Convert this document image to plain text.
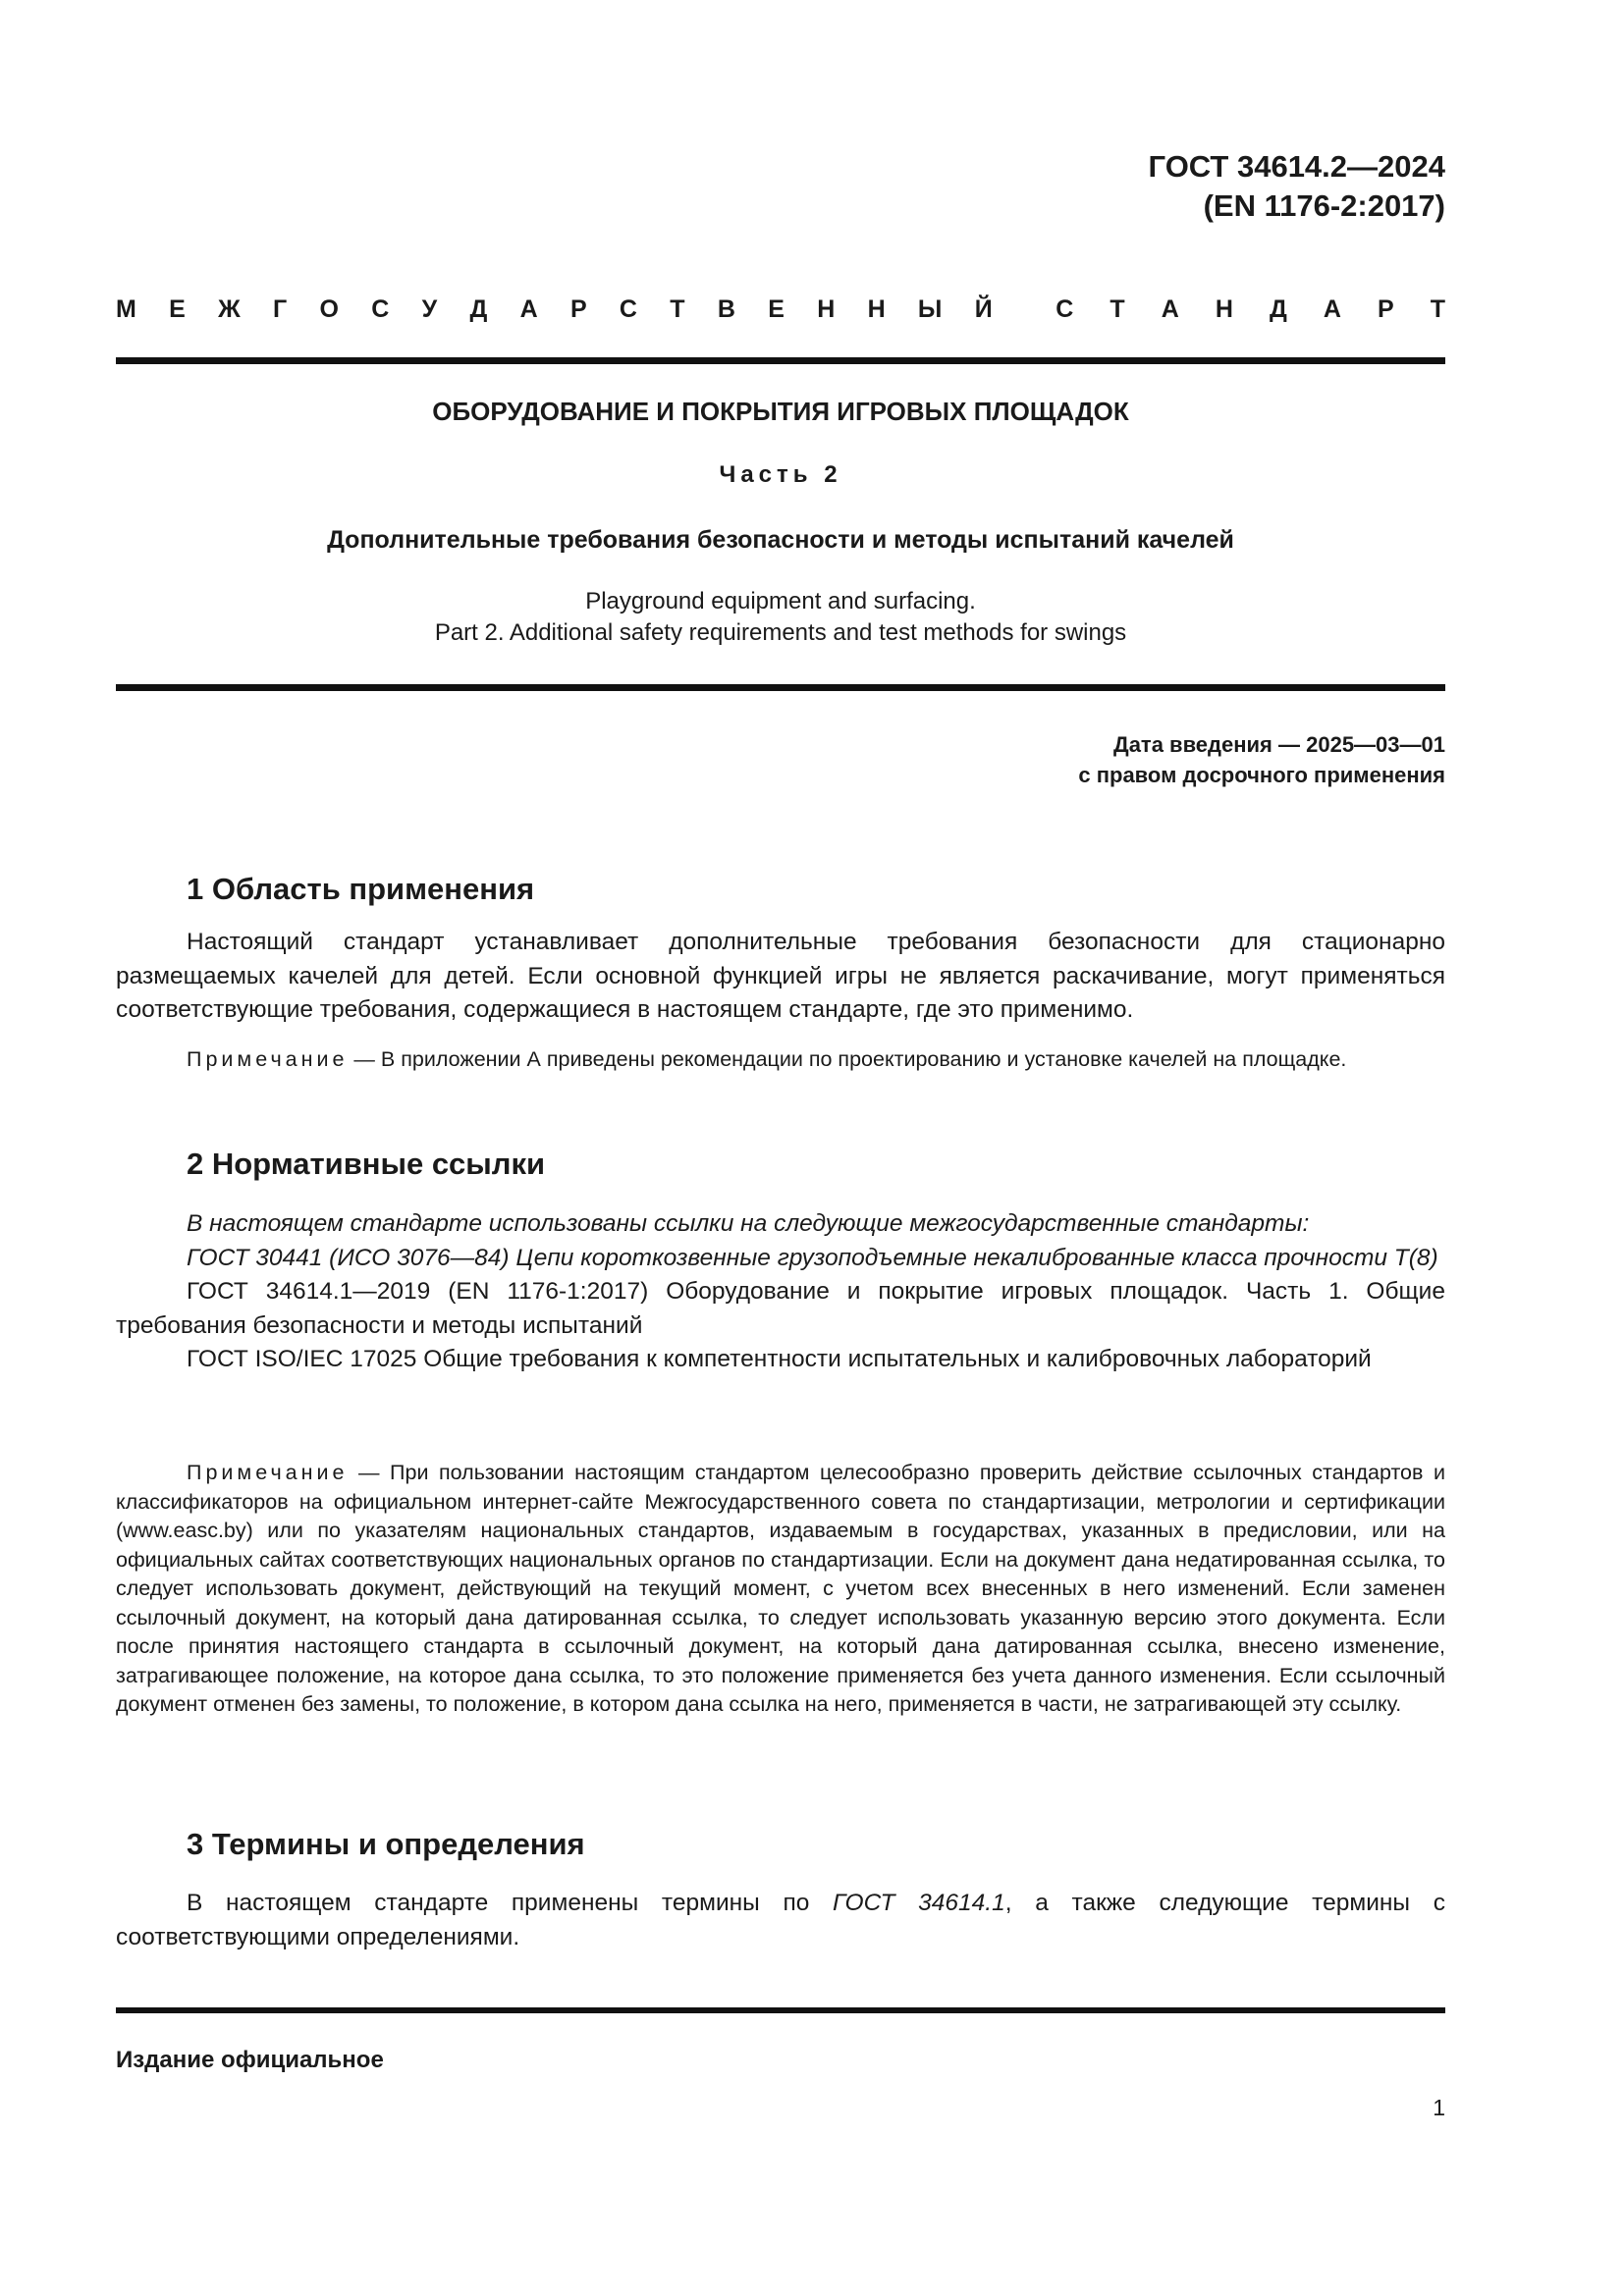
ГОСТ 34614.2—2024
(EN 1176-2:2017)
М Е Ж Г О С У Д А Р С Т В Е Н Н Ы Й	С Т А Н Д А Р Т
ОБОРУДОВАНИЕ И ПОКРЫТИЯ ИГРОВЫХ ПЛОЩАДОК
Часть 2
Дополнительные требования безопасности и методы испытаний качелей
Playground equipment and surfacing.
Part 2. Additional safety requirements and test methods for swings
Дата введения — 2025—03—01
с правом досрочного применения
1 Область применения

Настоящий стандарт устанавливает дополнительные требования безопасности для стационарно размещаемых качелей для детей. Если основной функцией игры не является раскачивание, могут применяться соответствующие требования, содержащиеся в настоящем стандарте, где это применимо.

Примечание — В приложении А приведены рекомендации по проектированию и установке качелей на площадке.

2 Нормативные ссылки

В настоящем стандарте использованы ссылки на следующие межгосударственные стандарты:

ГОСТ 30441 (ИСО 3076—84) Цепи короткозвенные грузоподъемные некалиброванные класса прочности Т(8)

ГОСТ 34614.1—2019 (EN 1176-1:2017) Оборудование и покрытие игровых площадок. Часть 1. Общие требования безопасности и методы испытаний

ГОСТ ISO/IEC 17025 Общие требования к компетентности испытательных и калибровочных лабораторий

Примечание — При пользовании настоящим стандартом целесообразно проверить действие ссылочных стандартов и классификаторов на официальном интернет-сайте Межгосударственного совета по стандартизации, метрологии и сертификации (www.easc.by) или по указателям национальных стандартов, издаваемым в государствах, указанных в предисловии, или на официальных сайтах соответствующих национальных органов по стандартизации. Если на документ дана недатированная ссылка, то следует использовать документ, действующий на текущий момент, с учетом всех внесенных в него изменений. Если заменен ссылочный документ, на который дана датированная ссылка, то следует использовать указанную версию этого документа. Если после принятия настоящего стандарта в ссылочный документ, на который дана датированная ссылка, внесено изменение, затрагивающее положение, на которое дана ссылка, то это положение применяется без учета данного изменения. Если ссылочный документ отменен без замены, то положение, в котором дана ссылка на него, применяется в части, не затрагивающей эту ссылку.

3 Термины и определения

В настоящем стандарте применены термины по ГОСТ 34614.1, а также следующие термины с соответствующими определениями.

Издание официальное
1
